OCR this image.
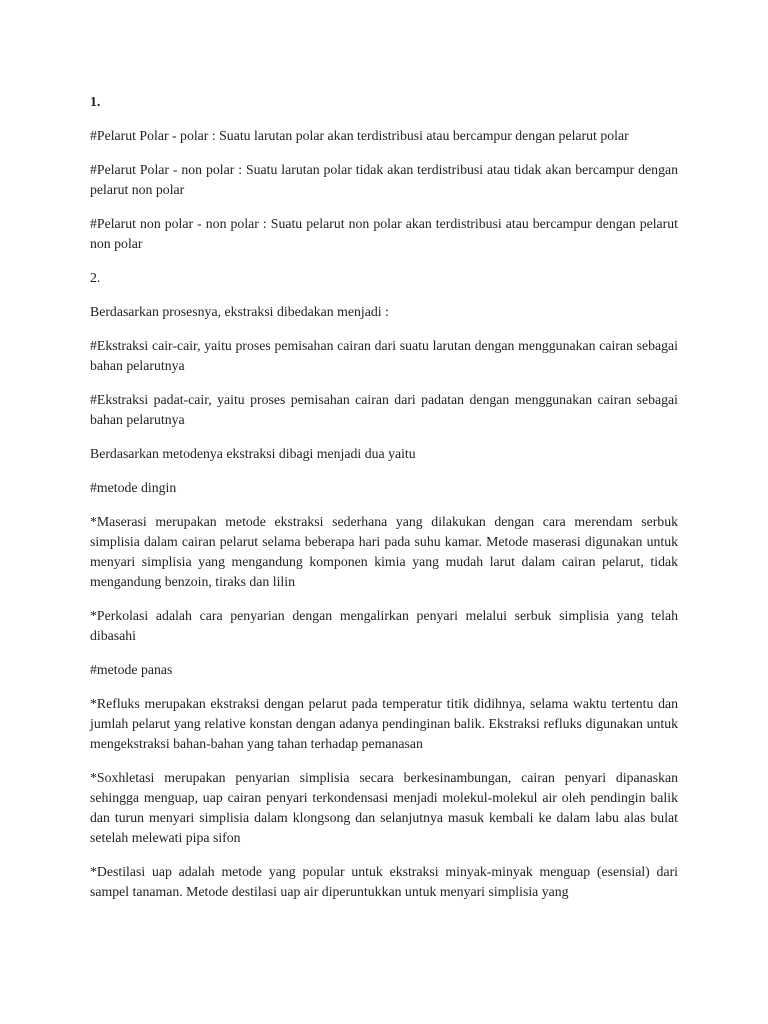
1.

#Pelarut Polar - polar : Suatu larutan polar akan terdistribusi atau bercampur dengan pelarut polar

#Pelarut Polar - non polar : Suatu larutan polar tidak akan terdistribusi atau tidak akan bercampur dengan pelarut non polar

#Pelarut non polar - non polar : Suatu pelarut non polar akan terdistribusi atau bercampur dengan pelarut non polar

2.

Berdasarkan prosesnya, ekstraksi dibedakan menjadi :

#Ekstraksi cair-cair, yaitu proses pemisahan cairan dari suatu larutan dengan menggunakan cairan sebagai bahan pelarutnya

#Ekstraksi padat-cair, yaitu proses pemisahan cairan dari padatan dengan menggunakan cairan sebagai bahan pelarutnya

Berdasarkan metodenya ekstraksi dibagi menjadi dua yaitu

#metode dingin

*Maserasi merupakan metode ekstraksi sederhana yang dilakukan dengan cara merendam serbuk simplisia dalam cairan pelarut selama beberapa hari pada suhu kamar. Metode maserasi digunakan untuk menyari simplisia yang mengandung komponen kimia yang mudah larut dalam cairan pelarut, tidak mengandung benzoin, tiraks dan lilin

*Perkolasi adalah cara penyarian dengan mengalirkan penyari melalui serbuk simplisia yang telah dibasahi

#metode panas

*Refluks merupakan ekstraksi dengan pelarut pada temperatur titik didihnya, selama waktu tertentu dan jumlah pelarut yang relative konstan dengan adanya pendinginan balik. Ekstraksi refluks digunakan untuk mengekstraksi bahan-bahan yang tahan terhadap pemanasan

*Soxhletasi merupakan penyarian simplisia secara berkesinambungan, cairan penyari dipanaskan sehingga menguap, uap cairan penyari terkondensasi menjadi molekul-molekul air oleh pendingin balik dan turun menyari simplisia dalam klongsong dan selanjutnya masuk kembali ke dalam labu alas bulat setelah melewati pipa sifon

*Destilasi uap adalah metode yang popular untuk ekstraksi minyak-minyak menguap (esensial) dari sampel tanaman. Metode destilasi uap air diperuntukkan untuk menyari simplisia yang
